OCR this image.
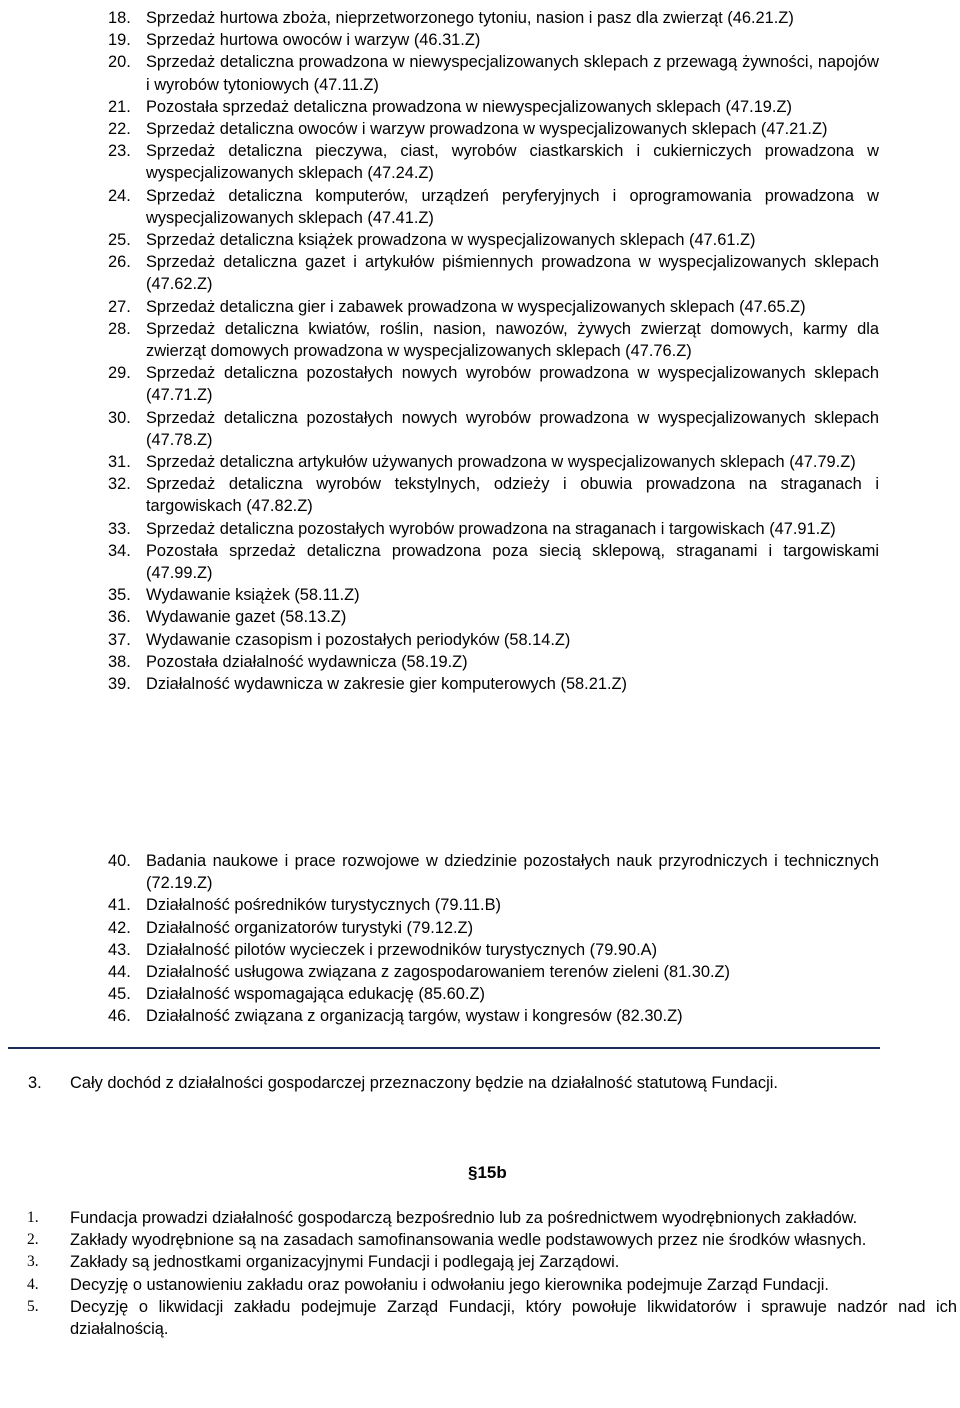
18. Sprzedaż hurtowa zboża, nieprzetworzonego tytoniu, nasion i pasz dla zwierząt (46.21.Z)
19. Sprzedaż hurtowa owoców i warzyw (46.31.Z)
20. Sprzedaż detaliczna prowadzona w niewyspecjalizowanych sklepach z przewagą żywności, napojów i wyrobów tytoniowych (47.11.Z)
21. Pozostała sprzedaż detaliczna prowadzona w niewyspecjalizowanych sklepach (47.19.Z)
22. Sprzedaż detaliczna owoców i warzyw prowadzona w wyspecjalizowanych sklepach (47.21.Z)
23. Sprzedaż detaliczna pieczywa, ciast, wyrobów ciastkarskich i cukierniczych prowadzona w wyspecjalizowanych sklepach (47.24.Z)
24. Sprzedaż detaliczna komputerów, urządzeń peryferyjnych i oprogramowania prowadzona w wyspecjalizowanych sklepach (47.41.Z)
25. Sprzedaż detaliczna książek prowadzona w wyspecjalizowanych sklepach (47.61.Z)
26. Sprzedaż detaliczna gazet i artykułów piśmiennych prowadzona w wyspecjalizowanych sklepach (47.62.Z)
27. Sprzedaż detaliczna gier i zabawek prowadzona w wyspecjalizowanych sklepach (47.65.Z)
28. Sprzedaż detaliczna kwiatów, roślin, nasion, nawozów, żywych zwierząt domowych, karmy dla zwierząt domowych prowadzona w wyspecjalizowanych sklepach (47.76.Z)
29. Sprzedaż detaliczna pozostałych nowych wyrobów prowadzona w wyspecjalizowanych sklepach (47.71.Z)
30. Sprzedaż detaliczna pozostałych nowych wyrobów prowadzona w wyspecjalizowanych sklepach (47.78.Z)
31. Sprzedaż detaliczna artykułów używanych prowadzona w wyspecjalizowanych sklepach (47.79.Z)
32. Sprzedaż detaliczna wyrobów tekstylnych, odzieży i obuwia prowadzona na straganach i targowiskach (47.82.Z)
33. Sprzedaż detaliczna pozostałych wyrobów prowadzona na straganach i targowiskach (47.91.Z)
34. Pozostała sprzedaż detaliczna prowadzona poza siecią sklepową, straganami i targowiskami (47.99.Z)
35. Wydawanie książek (58.11.Z)
36. Wydawanie gazet (58.13.Z)
37. Wydawanie czasopism i pozostałych periodyków (58.14.Z)
38. Pozostała działalność wydawnicza (58.19.Z)
39. Działalność wydawnicza w zakresie gier komputerowych (58.21.Z)
40. Badania naukowe i prace rozwojowe w dziedzinie pozostałych nauk przyrodniczych i technicznych (72.19.Z)
41. Działalność pośredników turystycznych (79.11.B)
42. Działalność organizatorów turystyki (79.12.Z)
43. Działalność pilotów wycieczek i przewodników turystycznych (79.90.A)
44. Działalność usługowa związana z zagospodarowaniem terenów zieleni (81.30.Z)
45. Działalność wspomagająca edukację (85.60.Z)
46. Działalność związana z organizacją targów, wystaw i kongresów (82.30.Z)
3. Cały dochód z działalności gospodarczej przeznaczony będzie na działalność statutową Fundacji.
§15b
1.	Fundacja prowadzi działalność gospodarczą bezpośrednio lub za pośrednictwem wyodrębnionych zakładów.
2.	Zakłady wyodrębnione są na zasadach samofinansowania wedle podstawowych przez nie środków własnych.
3.	Zakłady są jednostkami organizacyjnymi Fundacji i podlegają jej Zarządowi.
4.	Decyzję o ustanowieniu zakładu oraz powołaniu i odwołaniu jego kierownika podejmuje Zarząd Fundacji.
5.	Decyzję o likwidacji zakładu podejmuje Zarząd Fundacji, który powołuje likwidatorów i sprawuje nadzór nad ich działalnością.
